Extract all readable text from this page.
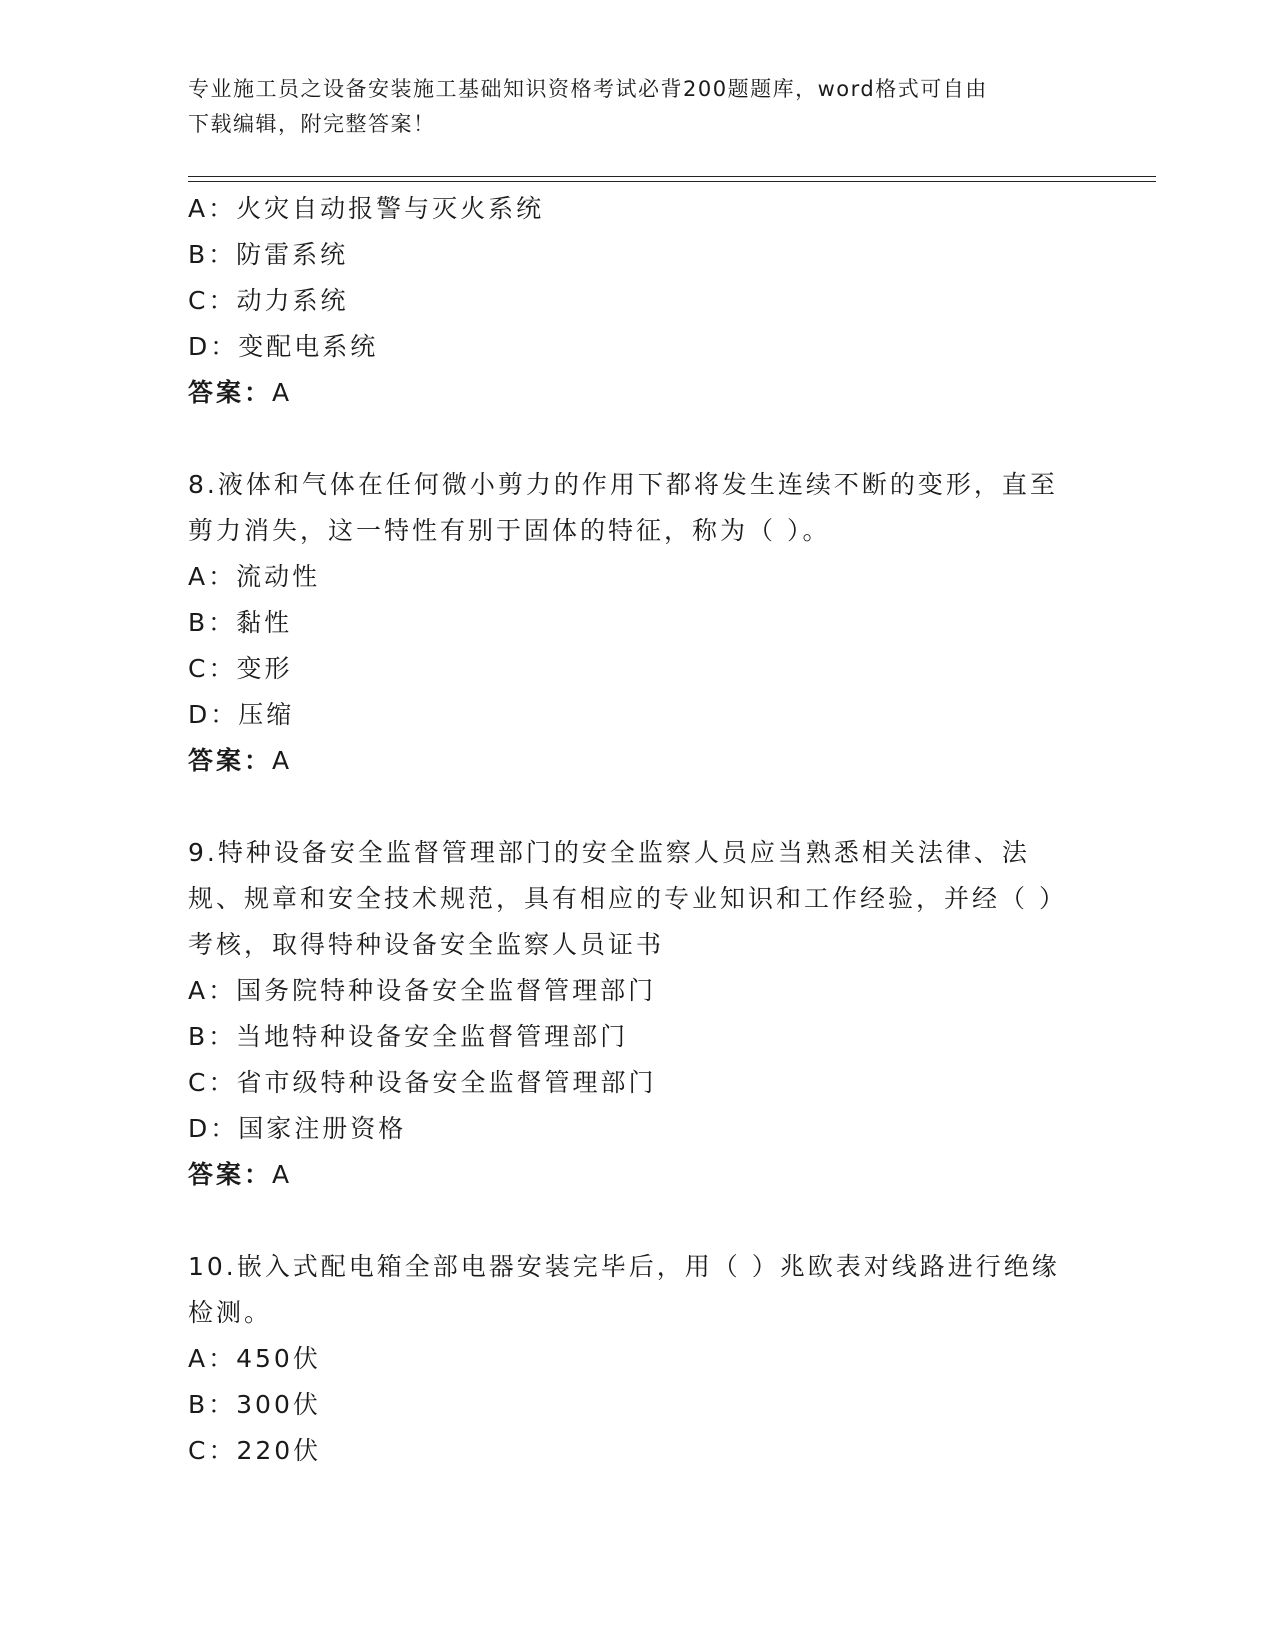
专业施工员之设备安装施工基础知识资格考试必背200题题库，word格式可自由
下载编辑，附完整答案！
A：火灾自动报警与灭火系统
B：防雷系统
C：动力系统
D：变配电系统
答案：A
8.液体和气体在任何微小剪力的作用下都将发生连续不断的变形，直至剪力消失，这一特性有别于固体的特征，称为（ ）。
A：流动性
B：黏性
C：变形
D：压缩
答案：A
9.特种设备安全监督管理部门的安全监察人员应当熟悉相关法律、法规、规章和安全技术规范，具有相应的专业知识和工作经验，并经（ ）考核，取得特种设备安全监察人员证书
A：国务院特种设备安全监督管理部门
B：当地特种设备安全监督管理部门
C：省市级特种设备安全监督管理部门
D：国家注册资格
答案：A
10.嵌入式配电箱全部电器安装完毕后，用（ ）兆欧表对线路进行绝缘检测。
A：450伏
B：300伏
C：220伏
